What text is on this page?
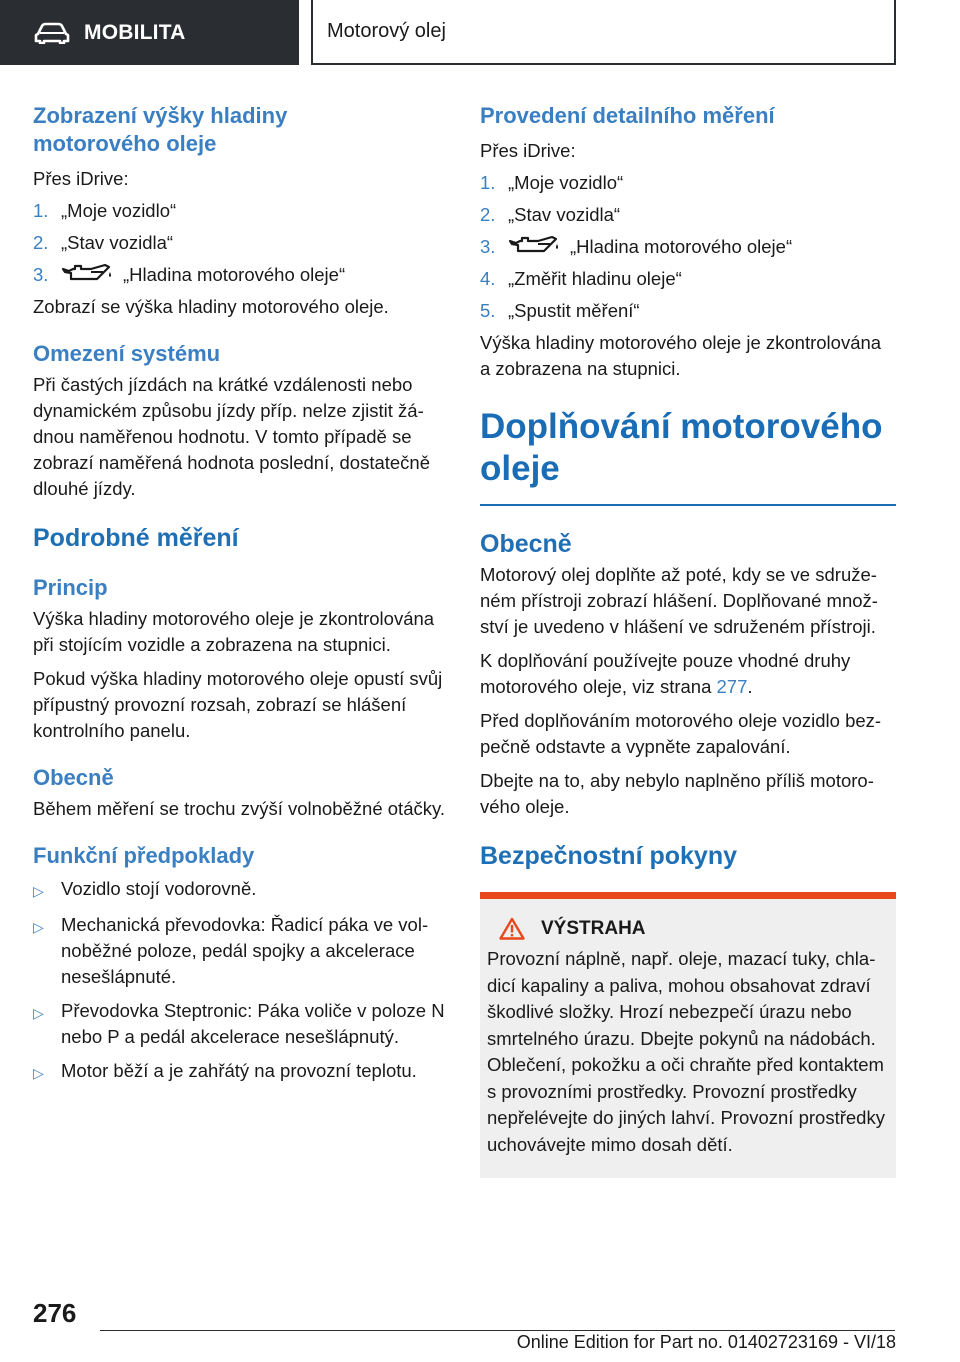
MOBILITA	Motorový olej
Zobrazení výšky hladiny motorového oleje

Přes iDrive:

1. „Moje vozidlo“
2. „Stav vozidla“
3.	„Hladina motorového oleje“

Zobrazí se výška hladiny motorového oleje.

Omezení systému

Při častých jízdách na krátké vzdálenosti nebo dynamickém způsobu jízdy příp. nelze zjistit žádnou naměřenou hodnotu. V tomto případě se zobrazí naměřená hodnota poslední, dostatečně dlouhé jízdy.

Podrobné měření
Princip

Výška hladiny motorového oleje je zkontrolována při stojícím vozidle a zobrazena na stupnici.

Pokud výška hladiny motorového oleje opustí svůj přípustný provozní rozsah, zobrazí se hlášení kontrolního panelu.

Obecně

Během měření se trochu zvýší volnoběžné otáčky.

Funkční předpoklady
▷ Vozidlo stojí vodorovně.
▷ Mechanická převodovka: Řadicí páka ve volnoběžné poloze, pedál spojky a akcelerace nesešlápnuté.
▷ Převodovka Steptronic: Páka voliče v poloze N nebo P a pedál akcelerace nesešlápnutý.
▷ Motor běží a je zahřátý na provozní teplotu.
Provedení detailního měření

Přes iDrive:

1. „Moje vozidlo“
2. „Stav vozidla“
3.	„Hladina motorového oleje“
4. „Změřit hladinu oleje“
5. „Spustit měření“

Výška hladiny motorového oleje je zkontrolována a zobrazena na stupnici.

Doplňování motorového oleje
Obecně

Motorový olej doplňte až poté, kdy se ve sdruženém přístroji zobrazí hlášení. Doplňované množství je uvedeno v hlášení ve sdruženém přístroji.

K doplňování používejte pouze vhodné druhy motorového oleje, viz strana 277.

Před doplňováním motorového oleje vozidlo bezpečně odstavte a vypněte zapalování.

Dbejte na to, aby nebylo naplněno příliš motorového oleje.

Bezpečnostní pokyny
VÝSTRAHA

Provozní náplně, např. oleje, mazací tuky, chladicí kapaliny a paliva, mohou obsahovat zdraví škodlivé složky. Hrozí nebezpečí úrazu nebo smrtelného úrazu. Dbejte pokynů na nádobách. Oblečení, pokožku a oči chraňte před kontaktem s provozními prostředky. Provozní prostředky nepřelévejte do jiných lahví. Provozní prostředky uchovávejte mimo dosah dětí.

276
Online Edition for Part no. 01402723169 - VI/18
